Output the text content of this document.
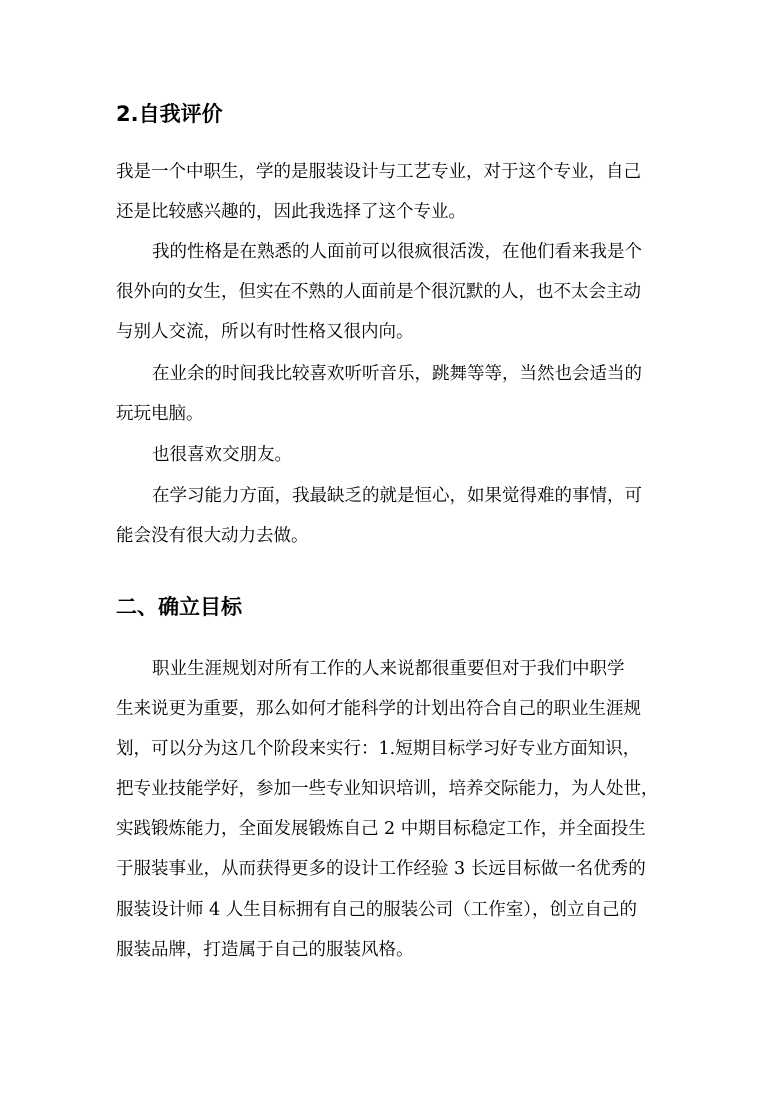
2.自我评价
我是一个中职生，学的是服装设计与工艺专业，对于这个专业，自己
还是比较感兴趣的，因此我选择了这个专业。
我的性格是在熟悉的人面前可以很疯很活泼，在他们看来我是个
很外向的女生，但实在不熟的人面前是个很沉默的人，也不太会主动
与别人交流，所以有时性格又很内向。
在业余的时间我比较喜欢听听音乐，跳舞等等，当然也会适当的
玩玩电脑。
也很喜欢交朋友。
在学习能力方面，我最缺乏的就是恒心，如果觉得难的事情，可
能会没有很大动力去做。
二、确立目标
职业生涯规划对所有工作的人来说都很重要但对于我们中职学
生来说更为重要，那么如何才能科学的计划出符合自己的职业生涯规
划，可以分为这几个阶段来实行：1.短期目标学习好专业方面知识，
把专业技能学好，参加一些专业知识培训，培养交际能力，为人处世，
实践锻炼能力，全面发展锻炼自己 2 中期目标稳定工作，并全面投生
于服装事业，从而获得更多的设计工作经验 3 长远目标做一名优秀的
服装设计师 4 人生目标拥有自己的服装公司（工作室），创立自己的
服装品牌，打造属于自己的服装风格。
